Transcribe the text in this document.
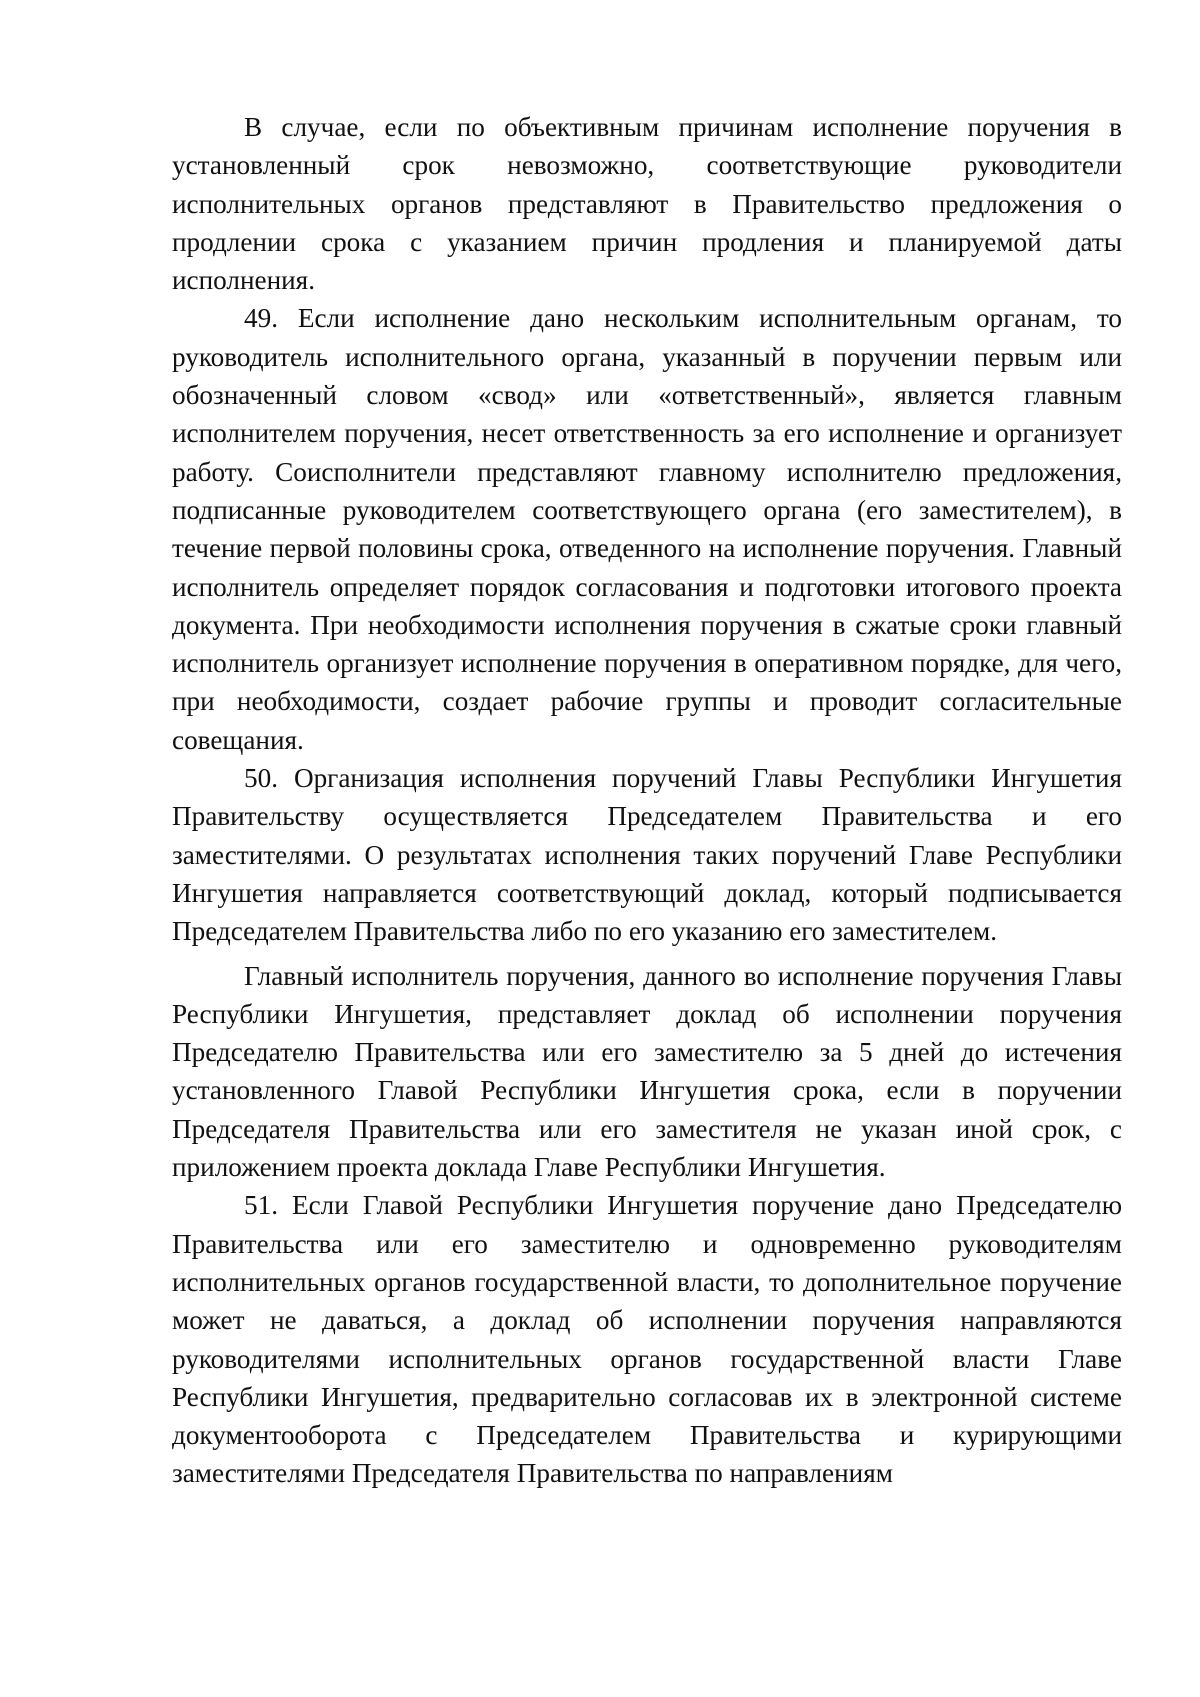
В случае, если по объективным причинам исполнение поручения в установленный срок невозможно, соответствующие руководители исполнительных органов представляют в Правительство предложения о продлении срока с указанием причин продления и планируемой даты исполнения.

49. Если исполнение дано нескольким исполнительным органам, то руководитель исполнительного органа, указанный в поручении первым или обозначенный словом «свод» или «ответственный», является главным исполнителем поручения, несет ответственность за его исполнение и организует работу. Соисполнители представляют главному исполнителю предложения, подписанные руководителем соответствующего органа (его заместителем), в течение первой половины срока, отведенного на исполнение поручения. Главный исполнитель определяет порядок согласования и подготовки итогового проекта документа. При необходимости исполнения поручения в сжатые сроки главный исполнитель организует исполнение поручения в оперативном порядке, для чего, при необходимости, создает рабочие группы и проводит согласительные совещания.

50. Организация исполнения поручений Главы Республики Ингушетия Правительству осуществляется Председателем Правительства и его заместителями. О результатах исполнения таких поручений Главе Республики Ингушетия направляется соответствующий доклад, который подписывается Председателем Правительства либо по его указанию его заместителем.

Главный исполнитель поручения, данного во исполнение поручения Главы Республики Ингушетия, представляет доклад об исполнении поручения Председателю Правительства или его заместителю за 5 дней до истечения установленного Главой Республики Ингушетия срока, если в поручении Председателя Правительства или его заместителя не указан иной срок, с приложением проекта доклада Главе Республики Ингушетия.

51. Если Главой Республики Ингушетия поручение дано Председателю Правительства или его заместителю и одновременно руководителям исполнительных органов государственной власти, то дополнительное поручение может не даваться, а доклад об исполнении поручения направляются руководителями исполнительных органов государственной власти Главе Республики Ингушетия, предварительно согласовав их в электронной системе документооборота с Председателем Правительства и курирующими заместителями Председателя Правительства по направлениям
